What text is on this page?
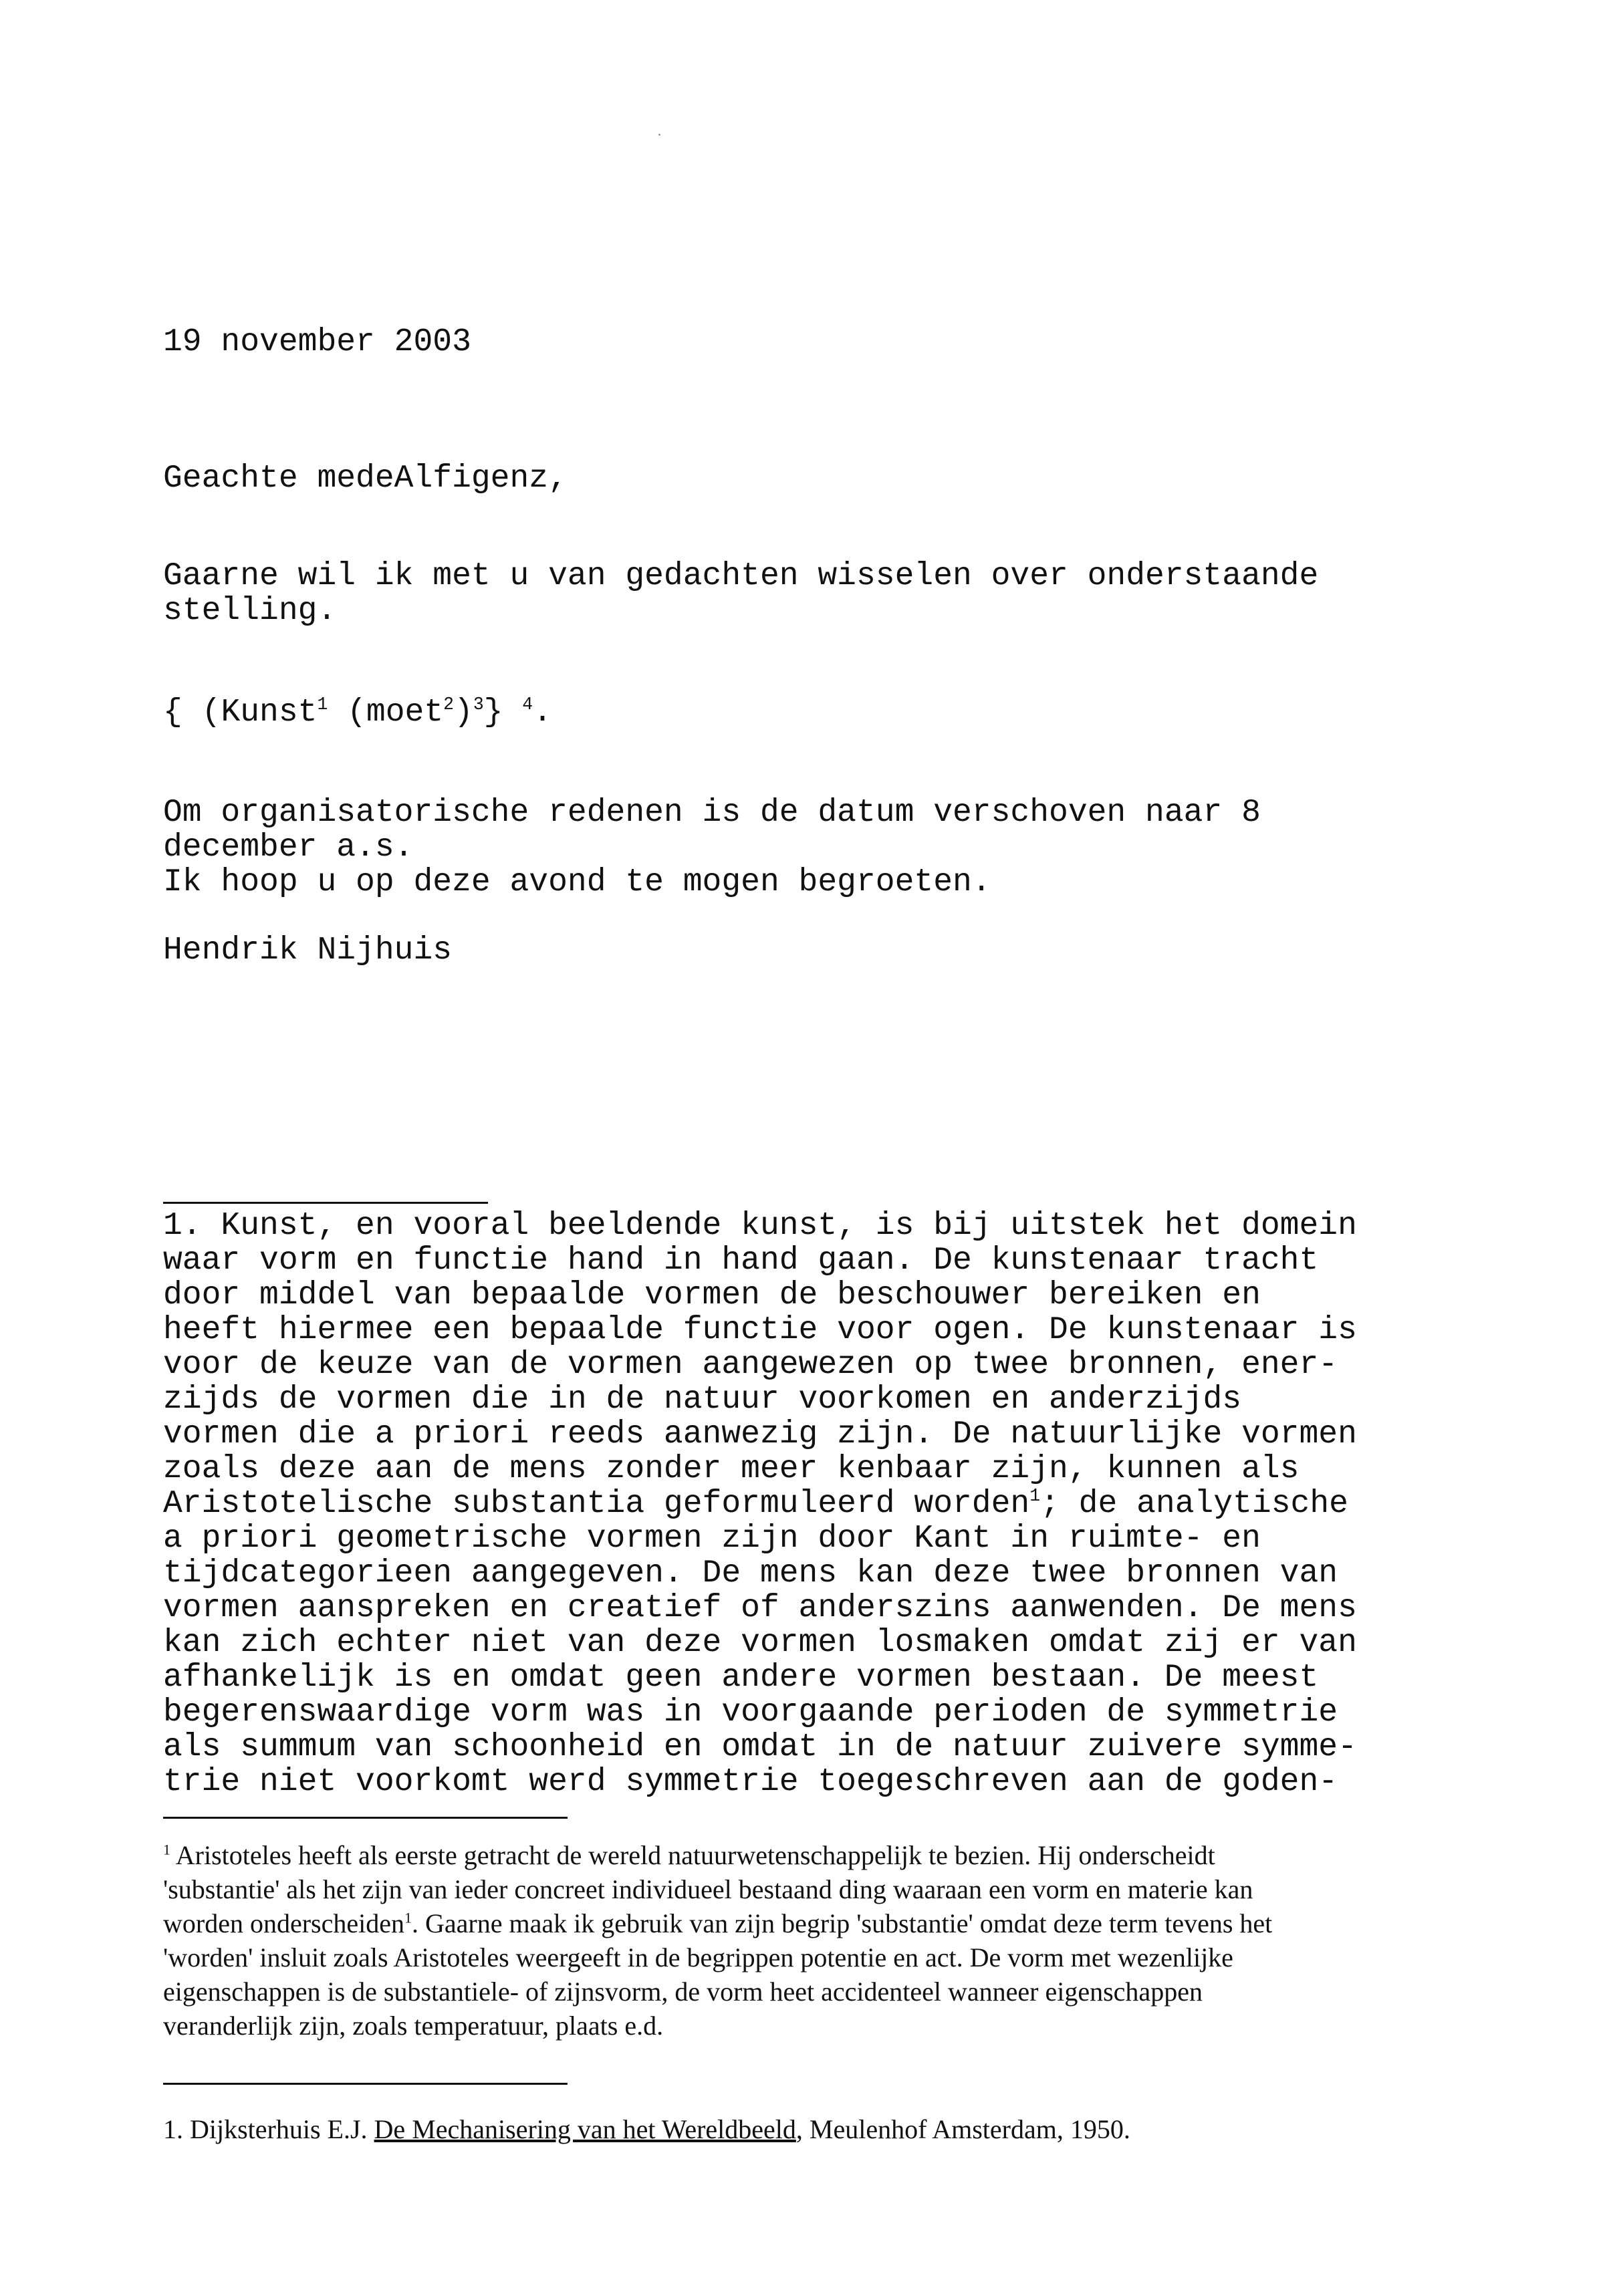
19 november 2003

Geachte medeAlfigenz,

Gaarne wil ik met u van gedachten wisselen over onderstaande
stelling.

{ (Kunst$^1$ (moet$^2$)$^3$} $^4$.

Om organisatorische redenen is de datum verschoven naar 8
december a.s.
Ik hoop u op deze avond te mogen begroeten.

Hendrik Nijhuis

1. Kunst, en vooral beeldende kunst, is bij uitstek het domein
waar vorm en functie hand in hand gaan. De kunstenaar tracht
door middel van bepaalde vormen de beschouwer bereiken en
heeft hiermee een bepaalde functie voor ogen. De kunstenaar is
voor de keuze van de vormen aangewezen op twee bronnen, ener-
zijds de vormen die in de natuur voorkomen en anderzijds
vormen die a priori reeds aanwezig zijn. De natuurlijke vormen
zoals deze aan de mens zonder meer kenbaar zijn, kunnen als
Aristotelische substantia geformuleerd worden$^1$; de analytische
a priori geometrische vormen zijn door Kant in ruimte- en
tijdcategorieen aangegeven. De mens kan deze twee bronnen van
vormen aanspreken en creatief of anderszins aanwenden. De mens
kan zich echter niet van deze vormen losmaken omdat zij er van
afhankelijk is en omdat geen andere vormen bestaan. De meest
begerenswaardige vorm was in voorgaande perioden de symmetrie
als summum van schoonheid en omdat in de natuur zuivere symme-
trie niet voorkomt werd symmetrie toegeschreven aan de goden-
$^1$ Aristoteles heeft als eerste getracht de wereld natuurwetenschappelijk te bezien. Hij onderscheidt
'substantie' als het zijn van ieder concreet individueel bestaand ding waaraan een vorm en materie kan
worden onderscheiden$^1$. Gaarne maak ik gebruik van zijn begrip 'substantie' omdat deze term tevens het
'worden' insluit zoals Aristoteles weergeeft in de begrippen potentie en act. De vorm met wezenlijke
eigenschappen is de substantiele- of zijnsvorm, de vorm heet accidenteel wanneer eigenschappen
veranderlijk zijn, zoals temperatuur, plaats e.d.

1. Dijksterhuis E.J. De Mechanisering van het Wereldbeeld, Meulenhof Amsterdam, 1950.
